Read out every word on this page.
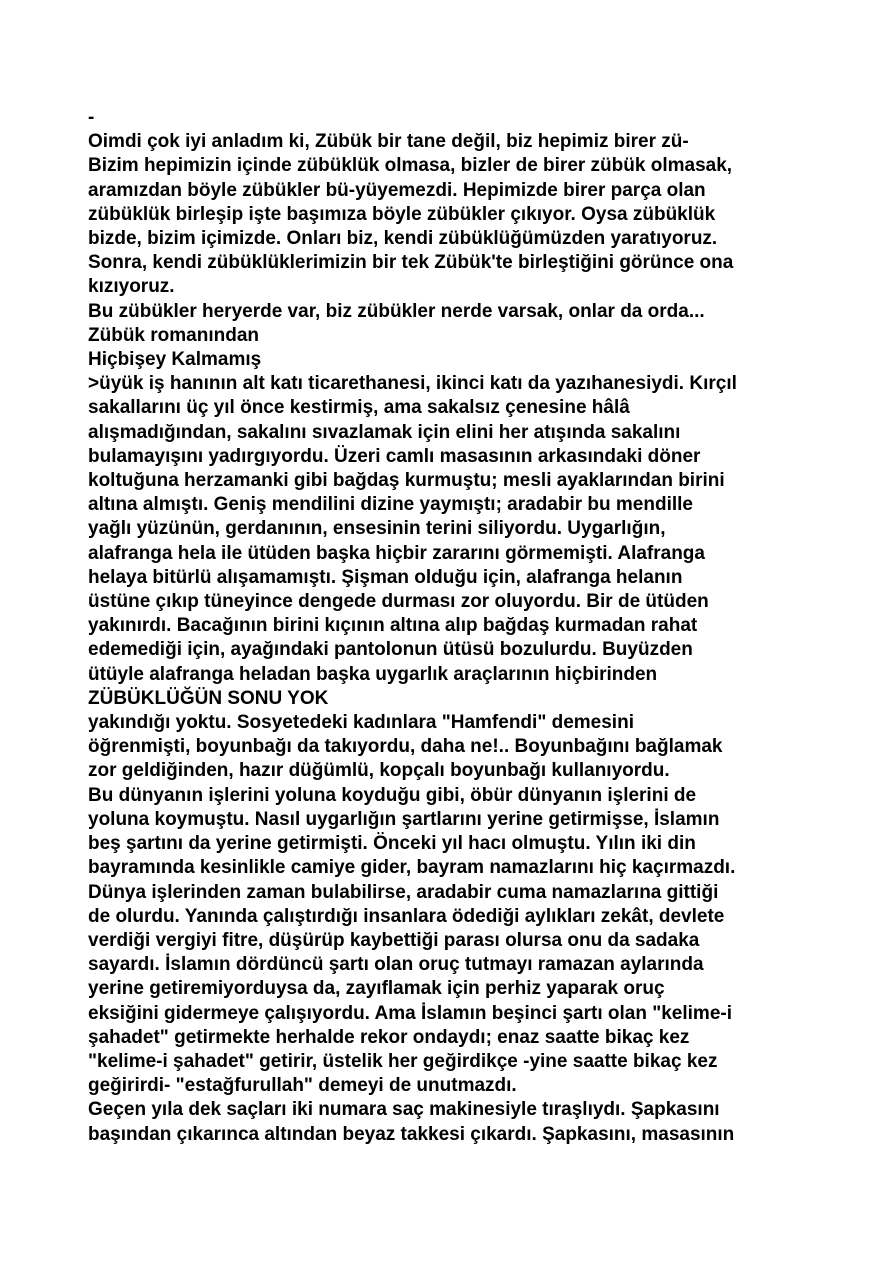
-
Oimdi çok iyi anladım ki, Zübük bir tane değil, biz hepimiz birer zü-
Bizim hepimizin içinde zübüklük olmasa, bizler de birer zübük olmasak,
aramızdan böyle zübükler bü-yüyemezdi. Hepimizde birer parça olan
zübüklük birleşip işte başımıza böyle zübükler çıkıyor. Oysa zübüklük
bizde, bizim içimizde. Onları biz, kendi zübüklüğümüzden yaratıyoruz.
Sonra, kendi zübüklüklerimizin bir tek Zübük'te birleştiğini görünce ona
kızıyoruz.
Bu zübükler heryerde var, biz zübükler nerde varsak, onlar da orda...
Zübük romanından
Hiçbişey Kalmamış
>üyük iş hanının alt katı ticarethanesi, ikinci katı da yazıhanesiydi. Kırçıl
sakallarını üç yıl önce kestirmiş, ama sakalsız çenesine hâlâ
alışmadığından, sakalını sıvazlamak için elini her atışında sakalını
bulamayışını yadırgıyordu. Üzeri camlı masasının arkasındaki döner
koltuğuna herzamanki gibi bağdaş kurmuştu; mesli ayaklarından birini
altına almıştı. Geniş mendilini dizine yaymıştı; aradabir bu mendille
yağlı yüzünün, gerdanının, ensesinin terini siliyordu. Uygarlığın,
alafranga hela ile ütüden başka hiçbir zararını görmemişti. Alafranga
helaya bitürlü alışamamıştı. Şişman olduğu için, alafranga helanın
üstüne çıkıp tüneyince dengede durması zor oluyordu. Bir de ütüden
yakınırdı. Bacağının birini kıçının altına alıp bağdaş kurmadan rahat
edemediği için, ayağındaki pantolonun ütüsü bozulurdu. Buyüzden
ütüyle alafranga heladan başka uygarlık araçlarının hiçbirinden
ZÜBÜKLÜĞÜN SONU YOK
yakındığı yoktu. Sosyetedeki kadınlara "Hamfendi" demesini
öğrenmişti, boyunbağı da takıyordu, daha ne!.. Boyunbağını bağlamak
zor geldiğinden, hazır düğümlü, kopçalı boyunbağı kullanıyordu.
Bu dünyanın işlerini yoluna koyduğu gibi, öbür dünyanın işlerini de
yoluna koymuştu. Nasıl uygarlığın şartlarını yerine getirmişse, İslamın
beş şartını da yerine getirmişti. Önceki yıl hacı olmuştu. Yılın iki din
bayramında kesinlikle camiye gider, bayram namazlarını hiç kaçırmazdı.
Dünya işlerinden zaman bulabilirse, aradabir cuma namazlarına gittiği
de olurdu. Yanında çalıştırdığı insanlara ödediği aylıkları zekât, devlete
verdiği vergiyi fitre, düşürüp kaybettiği parası olursa onu da sadaka
sayardı. İslamın dördüncü şartı olan oruç tutmayı ramazan aylarında
yerine getiremiyorduysa da, zayıflamak için perhiz yaparak oruç
eksiğini gidermeye çalışıyordu. Ama İslamın beşinci şartı olan "kelime-i
şahadet" getirmekte herhalde rekor ondaydı; enaz saatte bikaç kez
"kelime-i şahadet" getirir, üstelik her geğirdikçe -yine saatte bikaç kez
geğirirdi- "estağfurullah" demeyi de unutmazdı.
Geçen yıla dek saçları iki numara saç makinesiyle tıraşlıydı. Şapkasını
başından çıkarınca altından beyaz takkesi çıkardı. Şapkasını, masasının
